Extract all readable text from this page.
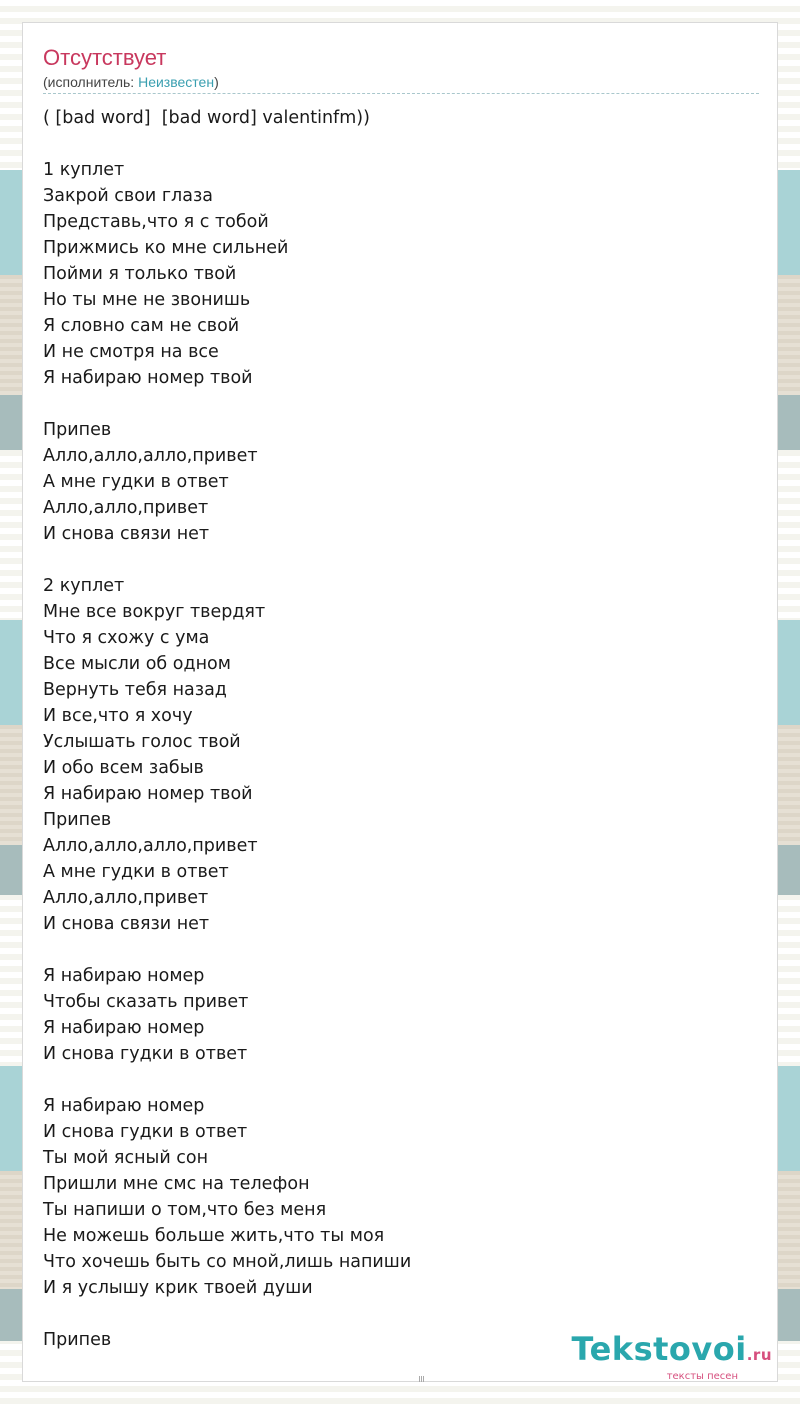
Отсутствует
(исполнитель: Неизвестен)
( [bad word]  [bad word] valentinfm))

1 куплет
Закрой свои глаза
Представь,что я с тобой
Прижмись ко мне сильней
Пойми я только твой
Но ты мне не звонишь
Я словно сам не свой
И не смотря на все
Я набираю номер твой

Припев
Алло,алло,алло,привет
А мне гудки в ответ
Алло,алло,привет
И снова связи нет

2 куплет
Мне все вокруг твердят
Что я схожу с ума
Все мысли об одном
Вернуть тебя назад
И все,что я хочу
Услышать голос твой
И обо всем забыв
Я набираю номер твой
Припев
Алло,алло,алло,привет
А мне гудки в ответ
Алло,алло,привет
И снова связи нет

Я набираю номер
Чтобы сказать привет
Я набираю номер
И снова гудки в ответ

Я набираю номер
И снова гудки в ответ
Ты мой ясный сон
Пришли мне смс на телефон
Ты напиши о том,что без меня
Не можешь больше жить,что ты моя
Что хочешь быть со мной,лишь напиши
И я услышу крик твоей души

Припев	Tekstovoi.ru
тексты песен
